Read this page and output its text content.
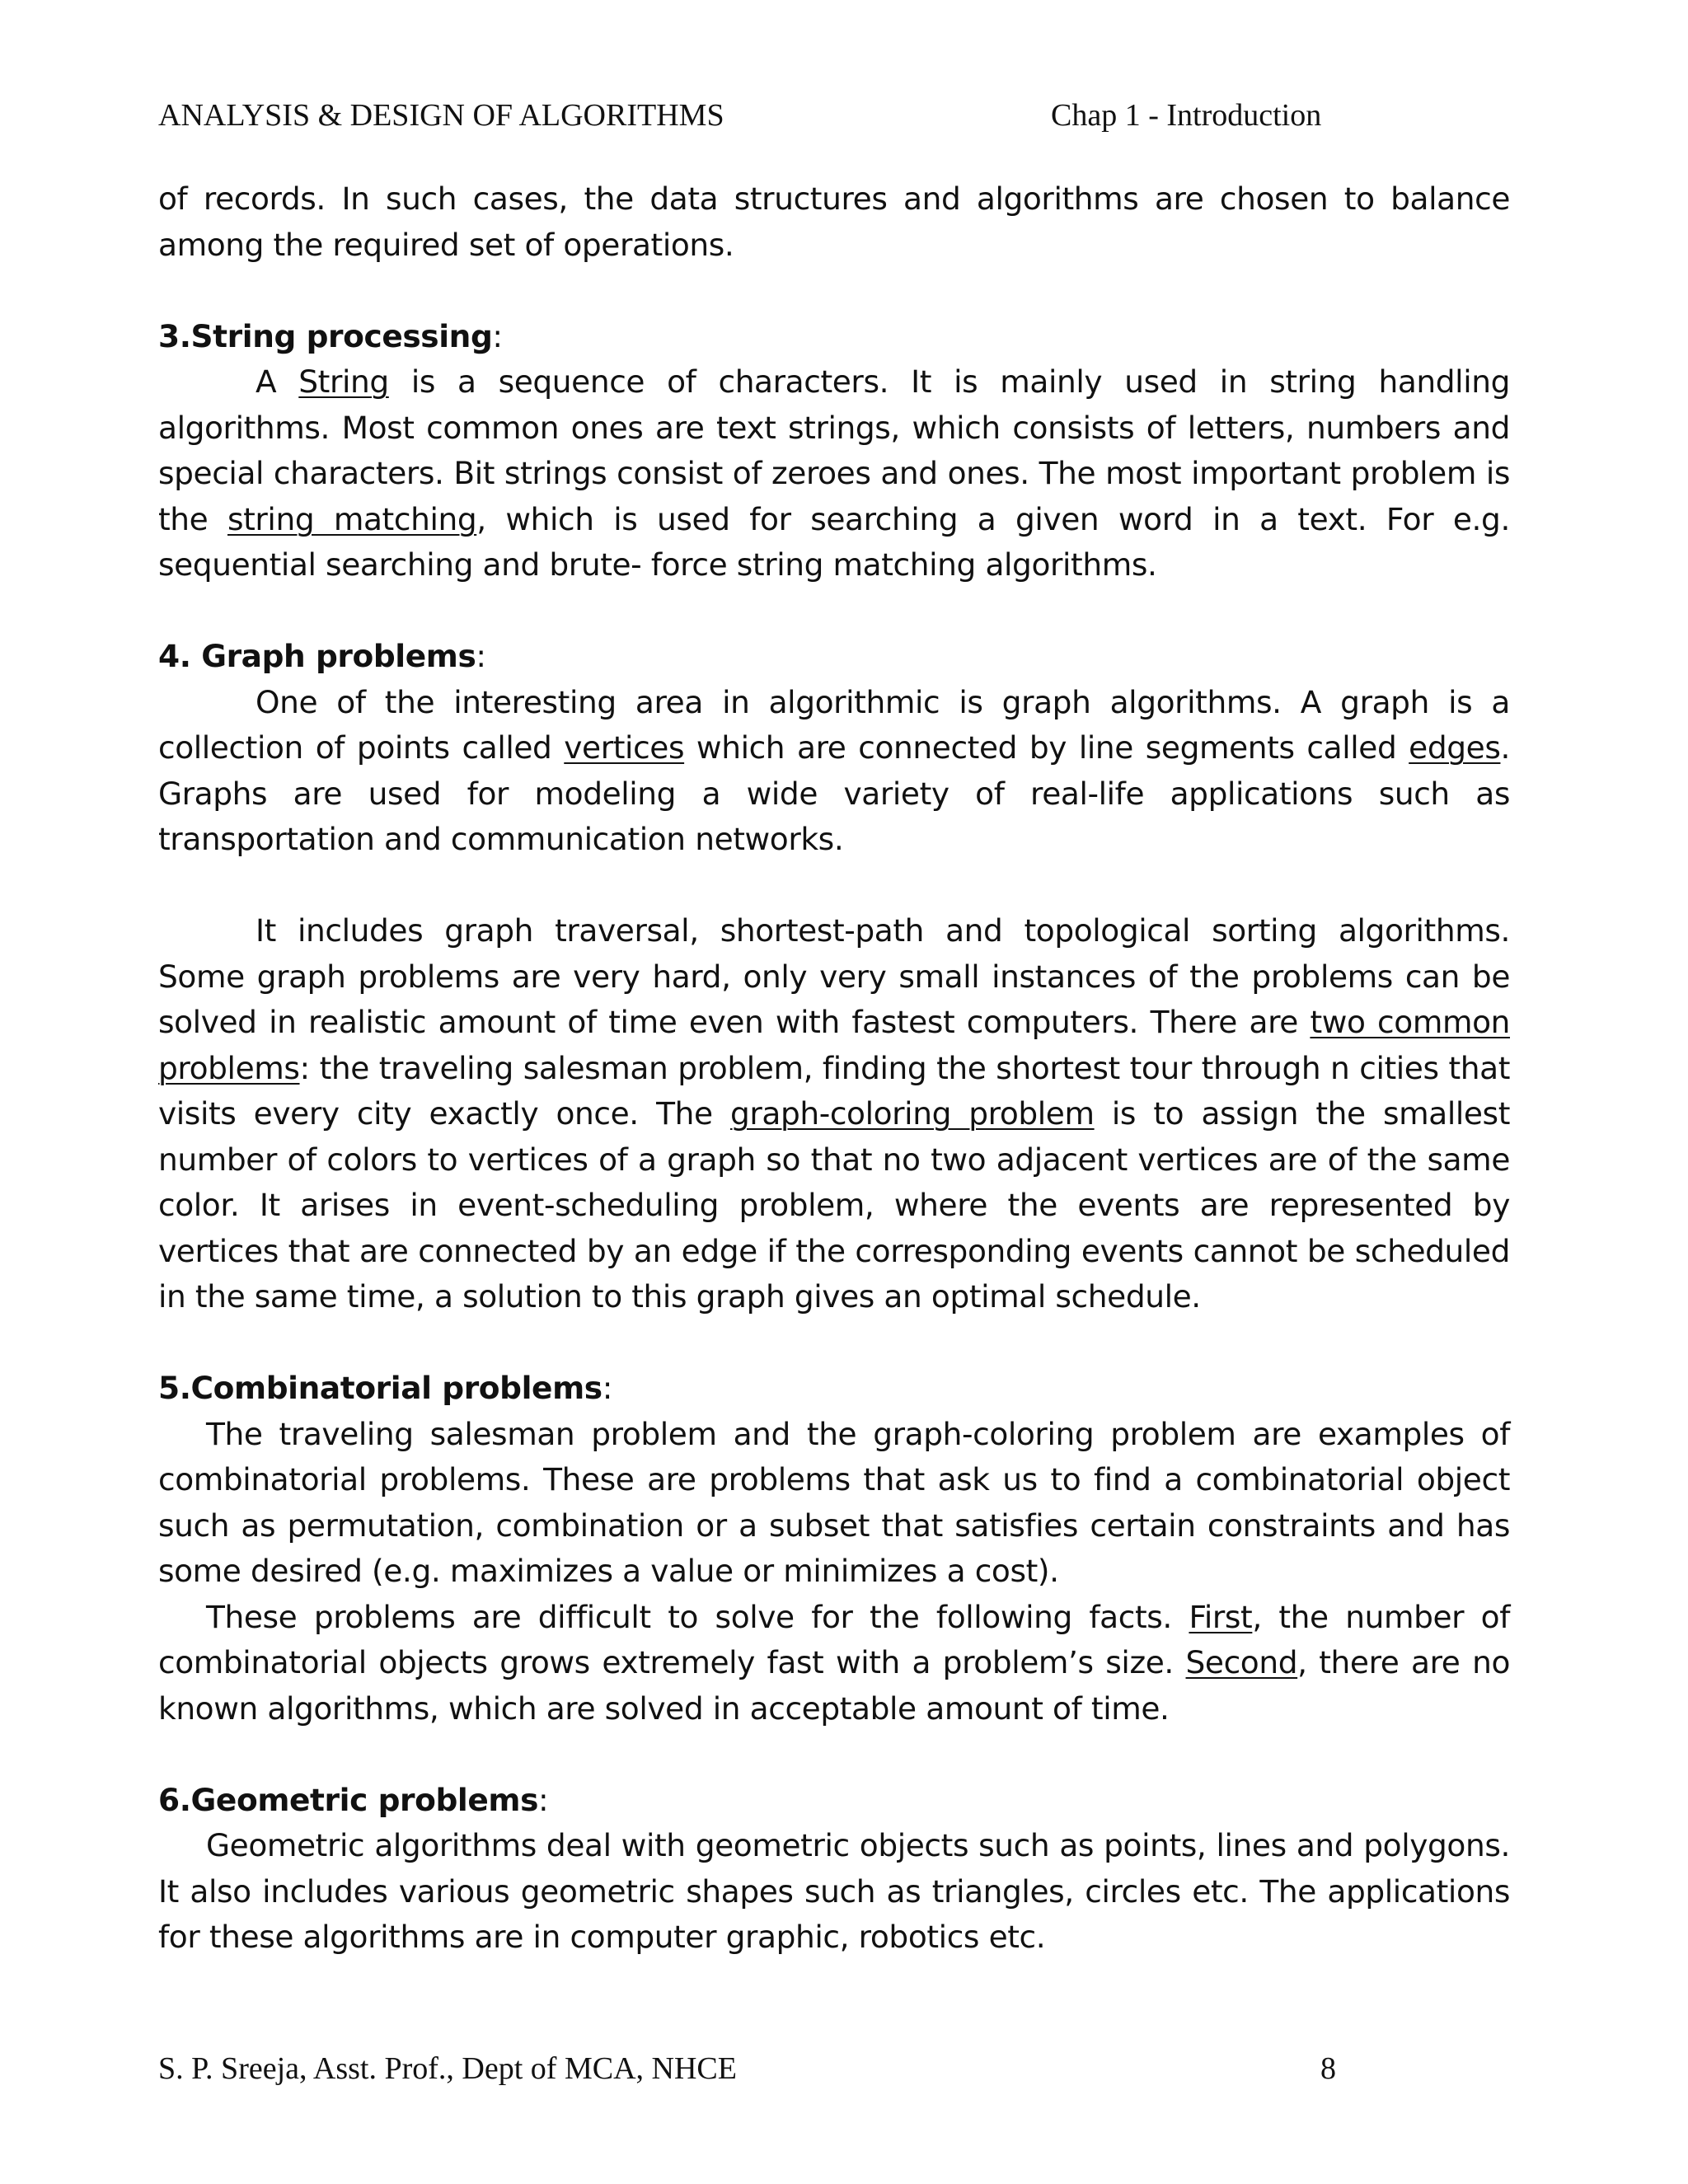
ANALYSIS & DESIGN OF ALGORITHMS	Chap 1 - Introduction

of records. In such cases, the data structures and algorithms are chosen to balance among the required set of operations.

3.String processing:

A String is a sequence of characters. It is mainly used in string handling algorithms. Most common ones are text strings, which consists of letters, numbers and special characters. Bit strings consist of zeroes and ones. The most important problem is the string matching, which is used for searching a given word in a text. For e.g. sequential searching and brute- force string matching algorithms.

4. Graph problems:

One of the interesting area in algorithmic is graph algorithms. A graph is a collection of points called vertices which are connected by line segments called edges. Graphs are used for modeling a wide variety of real-life applications such as transportation and communication networks.

It includes graph traversal, shortest-path and topological sorting algorithms. Some graph problems are very hard, only very small instances of the problems can be solved in realistic amount of time even with fastest computers. There are two common problems: the traveling salesman problem, finding the shortest tour through n cities that visits every city exactly once. The graph-coloring problem is to assign the smallest number of colors to vertices of a graph so that no two adjacent vertices are of the same color. It arises in event-scheduling problem, where the events are represented by vertices that are connected by an edge if the corresponding events cannot be scheduled in the same time, a solution to this graph gives an optimal schedule.

5.Combinatorial problems:

The traveling salesman problem and the graph-coloring problem are examples of combinatorial problems. These are problems that ask us to find a combinatorial object such as permutation, combination or a subset that satisfies certain constraints and has some desired (e.g. maximizes a value or minimizes a cost).

These problems are difficult to solve for the following facts. First, the number of combinatorial objects grows extremely fast with a problem’s size. Second, there are no known algorithms, which are solved in acceptable amount of time.

6.Geometric problems:

Geometric algorithms deal with geometric objects such as points, lines and polygons. It also includes various geometric shapes such as triangles, circles etc. The applications for these algorithms are in computer graphic, robotics etc.

S. P. Sreeja, Asst. Prof., Dept of MCA, NHCE	8
